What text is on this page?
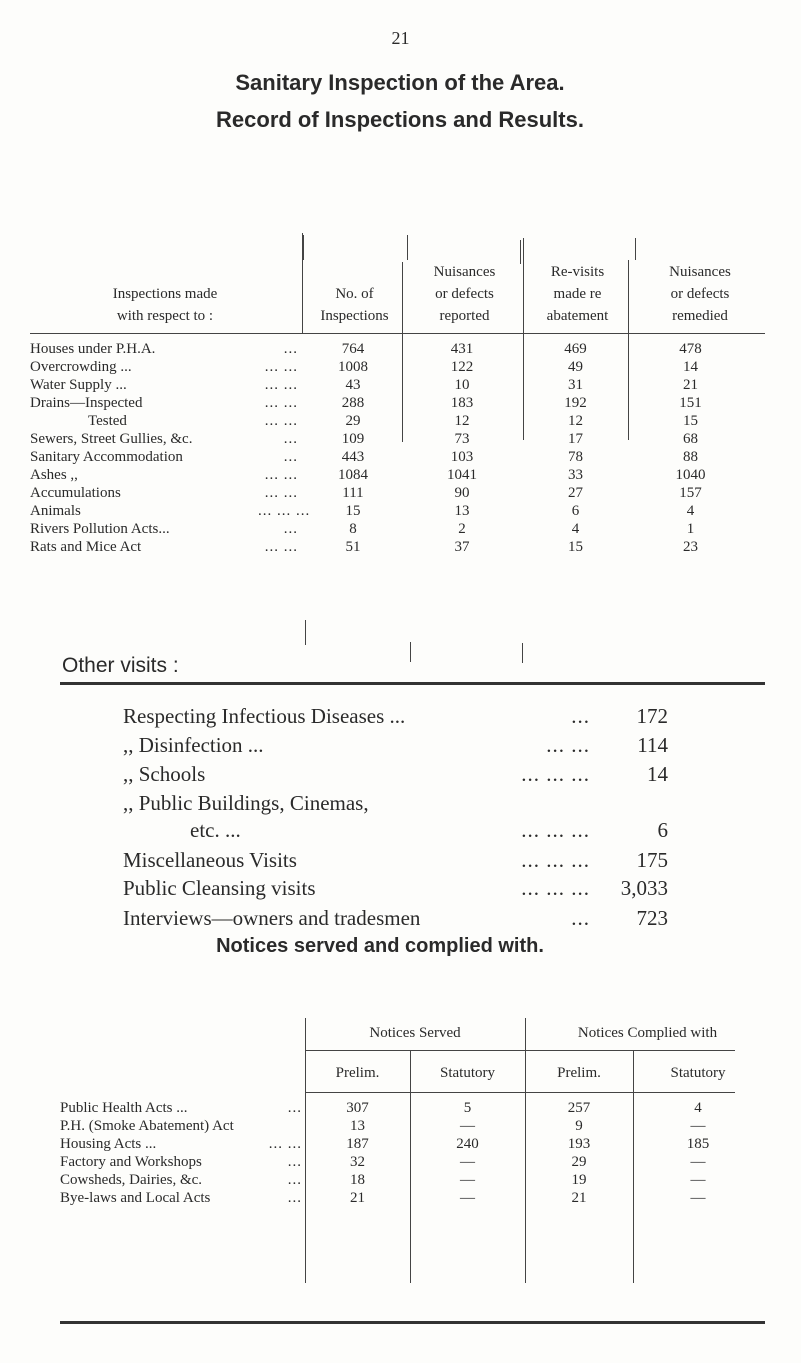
21
Sanitary Inspection of the Area.
Record of Inspections and Results.
Inspections made
with respect to :
No. of
Inspections
Nuisances
or defects
reported
Re-visits
made re
abatement
Nuisances
or defects
remedied
Houses under P.H.A.	...	764	431	469	478
Overcrowding ...	... ...	1008	122	49	14
Water Supply ...	... ...	43	10	31	21
Drains—Inspected	... ...	288	183	192	151
Tested	... ...	29	12	12	15
Sewers, Street Gullies, &c.	...	109	73	17	68
Sanitary Accommodation	...	443	103	78	88
Ashes ,,	... ...	1084	1041	33	1040
Accumulations	... ...	111	90	27	157
Animals	... ... ...	15	13	6	4
Rivers Pollution Acts...	...	8	2	4	1
Rats and Mice Act	... ...	51	37	15	23
Other visits :
Respecting Infectious Diseases ...	...	172
,, Disinfection ...	... ...	114
,, Schools	... ... ...	14
,, Public Buildings, Cinemas,
etc. ...	... ... ...	6
Miscellaneous Visits	... ... ...	175
Public Cleansing visits	... ... ...	3,033
Interviews—owners and tradesmen	...	723
Notices served and complied with.
Notices Served	Notices Complied with
Prelim.	Statutory	Prelim.	Statutory
Public Health Acts ...	...	307	5	257	4
P.H. (Smoke Abatement) Act	13	—	9	—
Housing Acts ...	... ...	187	240	193	185
Factory and Workshops	...	32	—	29	—
Cowsheds, Dairies, &c.	...	18	—	19	—
Bye-laws and Local Acts	...	21	—	21	—
